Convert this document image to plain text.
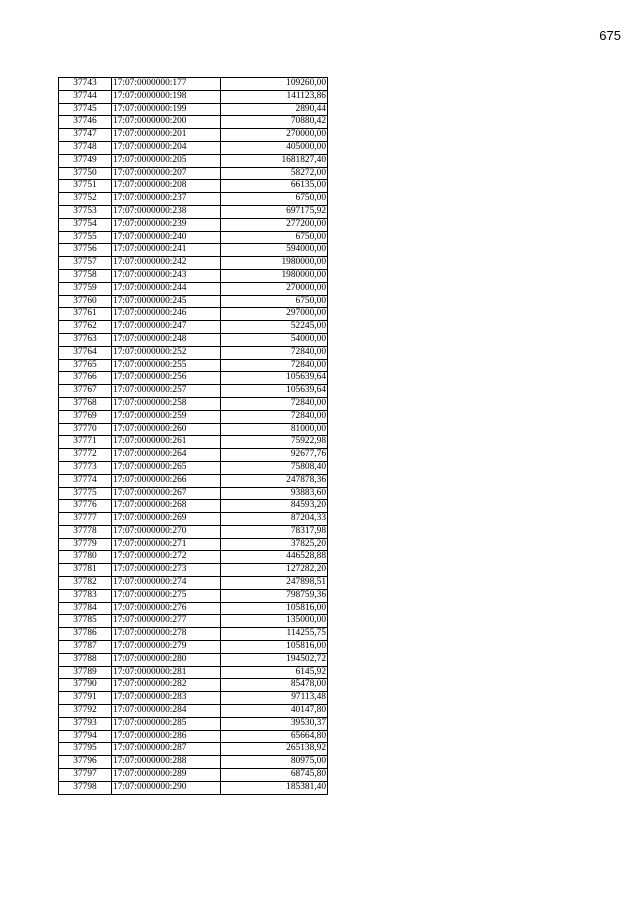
675
37743	17:07:0000000:177	109260,00
37744	17:07:0000000:198	141123,86
37745	17:07:0000000:199	2890,44
37746	17:07:0000000:200	70880,42
37747	17:07:0000000:201	270000,00
37748	17:07:0000000:204	405000,00
37749	17:07:0000000:205	1681827,40
37750	17:07:0000000:207	58272,00
37751	17:07:0000000:208	66135,00
37752	17:07:0000000:237	6750,00
37753	17:07:0000000:238	697175,92
37754	17:07:0000000:239	277200,00
37755	17:07:0000000:240	6750,00
37756	17:07:0000000:241	594000,00
37757	17:07:0000000:242	1980000,00
37758	17:07:0000000:243	1980000,00
37759	17:07:0000000:244	270000,00
37760	17:07:0000000:245	6750,00
37761	17:07:0000000:246	297000,00
37762	17:07:0000000:247	52245,00
37763	17:07:0000000:248	54000,00
37764	17:07:0000000:252	72840,00
37765	17:07:0000000:255	72840,00
37766	17:07:0000000:256	105639,64
37767	17:07:0000000:257	105639,64
37768	17:07:0000000:258	72840,00
37769	17:07:0000000:259	72840,00
37770	17:07:0000000:260	81000,00
37771	17:07:0000000:261	75922,98
37772	17:07:0000000:264	92677,76
37773	17:07:0000000:265	75808,40
37774	17:07:0000000:266	247878,36
37775	17:07:0000000:267	93883,60
37776	17:07:0000000:268	84593,20
37777	17:07:0000000:269	87204,33
37778	17:07:0000000:270	78317,98
37779	17:07:0000000:271	37825,20
37780	17:07:0000000:272	446528,88
37781	17:07:0000000:273	127282,20
37782	17:07:0000000:274	247898,51
37783	17:07:0000000:275	798759,36
37784	17:07:0000000:276	105816,00
37785	17:07:0000000:277	135000,00
37786	17:07:0000000:278	114255,75
37787	17:07:0000000:279	105816,00
37788	17:07:0000000:280	194502,72
37789	17:07:0000000:281	6145,92
37790	17:07:0000000:282	85478,00
37791	17:07:0000000:283	97113,48
37792	17:07:0000000:284	40147,80
37793	17:07:0000000:285	39530,37
37794	17:07:0000000:286	65664,80
37795	17:07:0000000:287	265138,92
37796	17:07:0000000:288	80975,00
37797	17:07:0000000:289	68745,80
37798	17:07:0000000:290	185381,40
